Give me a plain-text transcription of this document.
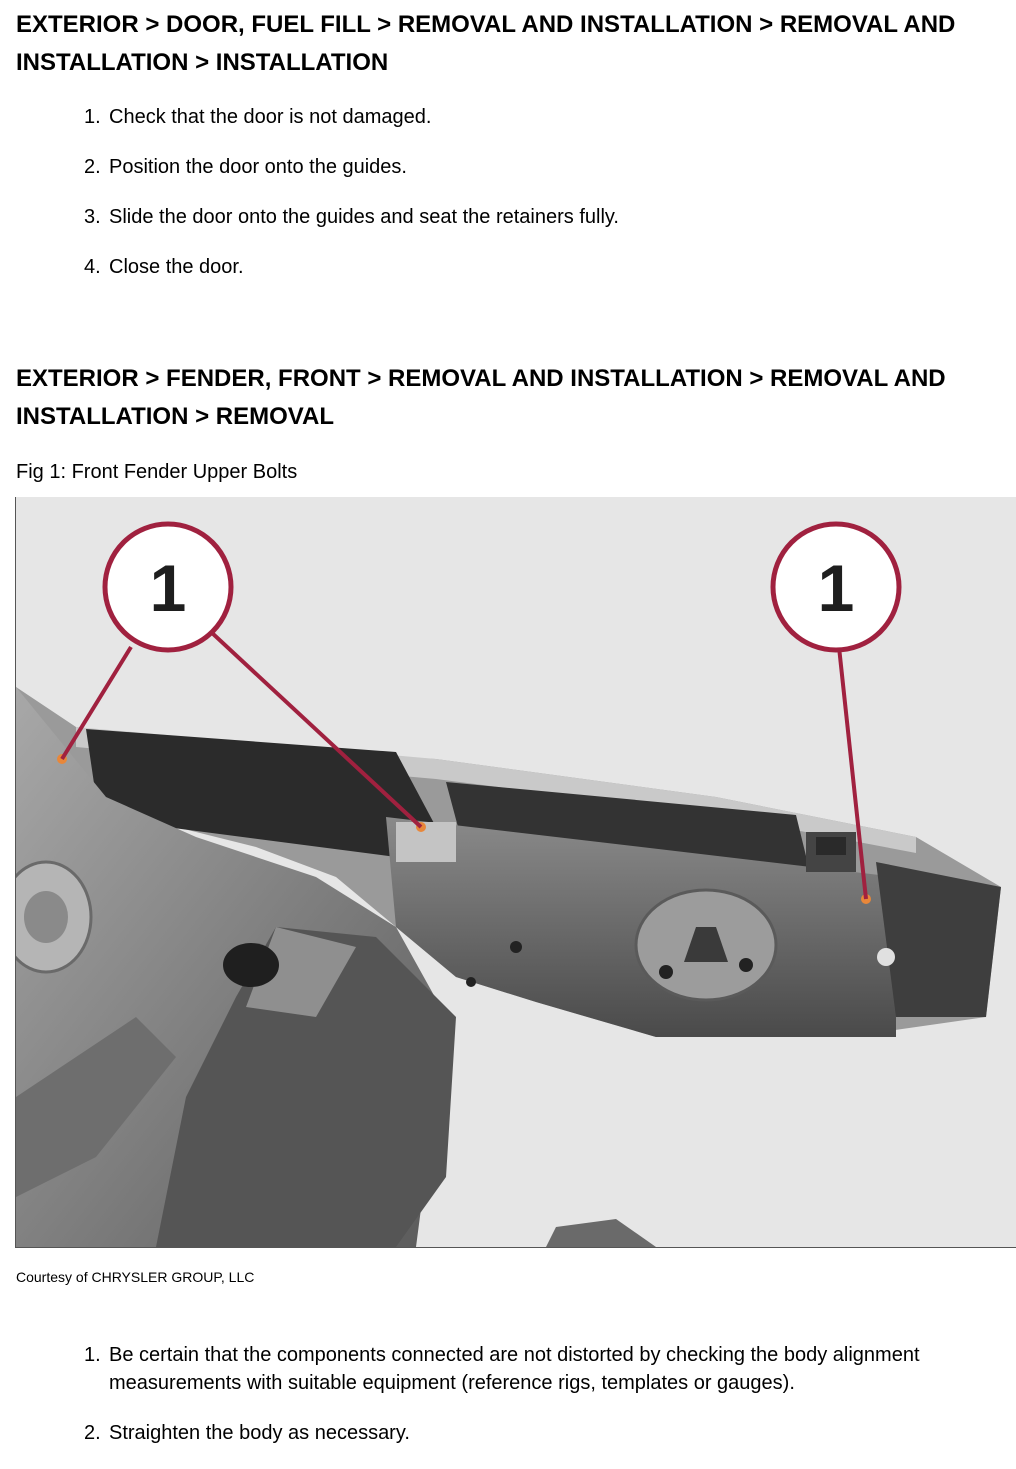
EXTERIOR > DOOR, FUEL FILL > REMOVAL AND INSTALLATION > REMOVAL AND INSTALLATION > INSTALLATION
1. Check that the door is not damaged.
2. Position the door onto the guides.
3. Slide the door onto the guides and seat the retainers fully.
4. Close the door.
EXTERIOR > FENDER, FRONT > REMOVAL AND INSTALLATION > REMOVAL AND INSTALLATION > REMOVAL
Fig 1: Front Fender Upper Bolts
1	1
Courtesy of CHRYSLER GROUP, LLC
1. Be certain that the components connected are not distorted by checking the body alignment measurements with suitable equipment (reference rigs, templates or gauges).
2. Straighten the body as necessary.
